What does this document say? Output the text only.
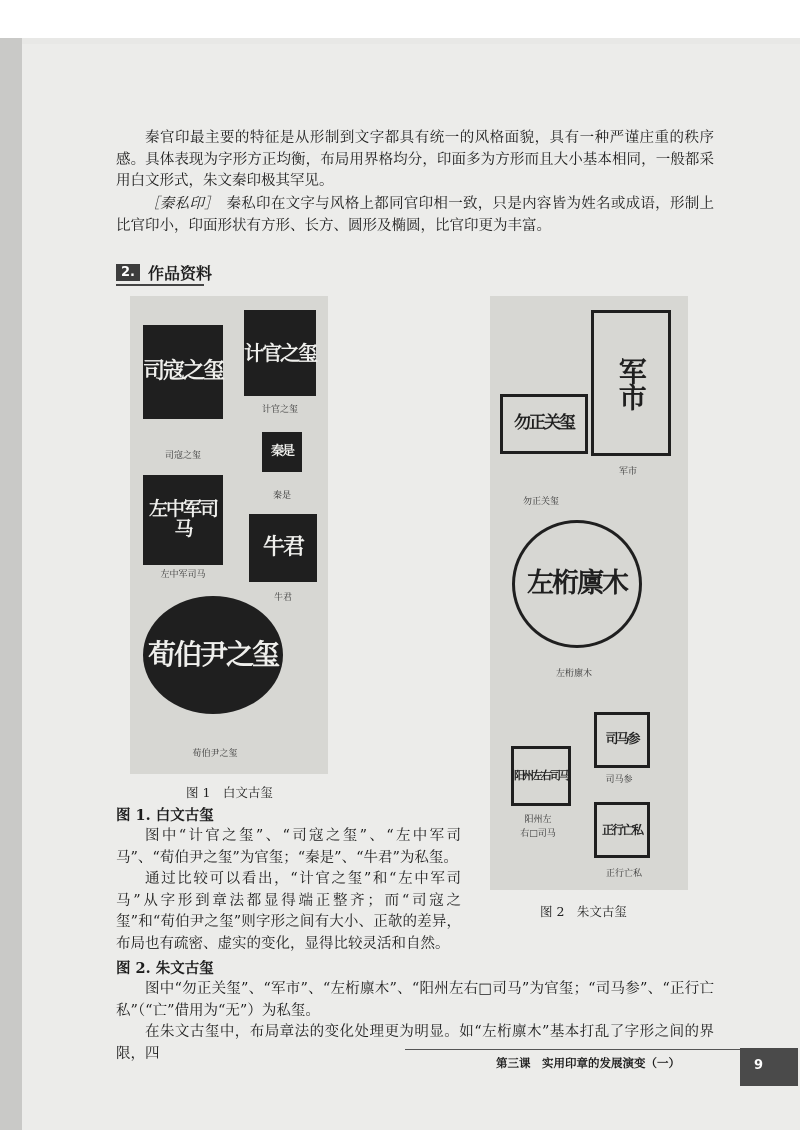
秦官印最主要的特征是从形制到文字都具有统一的风格面貌，具有一种严谨庄重的秩序感。具体表现为字形方正均衡，布局用界格均分，印面多为方形而且大小基本相同，一般都采用白文形式，朱文秦印极其罕见。

［秦私印］　 秦私印在文字与风格上都同官印相一致，只是内容皆为姓名或成语，形制上比官印小，印面形状有方形、长方、圆形及椭圆，比官印更为丰富。

2. 作品资料
司寇之玺
司寇之玺
计官之玺
计官之玺
秦是
秦是
左中军司马
左中军司马
牛君
牛君
荀伯尹之玺
荀伯尹之玺
图 1　白文古玺
勿正关玺
勿正关玺
军市
军市
左桁廪木
左桁廪木
司马参
司马参
阳州左右司马
阳州左
右□司马	正行亡私
正行亡私
图 2　朱文古玺

图 1. 白文古玺

图中“计官之玺”、“司寇之玺”、“左中军司马”、“荀伯尹之玺”为官玺；“秦是”、“牛君”为私玺。

通过比较可以看出，“计官之玺”和“左中军司马”从字形到章法都显得端正整齐；而“司寇之玺”和“荀伯尹之玺”则字形之间有大小、正欹的差异，布局也有疏密、虚实的变化，显得比较灵活和自然。

图 2. 朱文古玺

图中“勿正关玺”、“军市”、“左桁廪木”、“阳州左右□司马”为官玺；“司马参”、“正行亡私”（“亡”借用为“无”）为私玺。

在朱文古玺中，布局章法的变化处理更为明显。如“左桁廪木”基本打乱了字形之间的界限，四

第三课　实用印章的发展演变（一）	9
